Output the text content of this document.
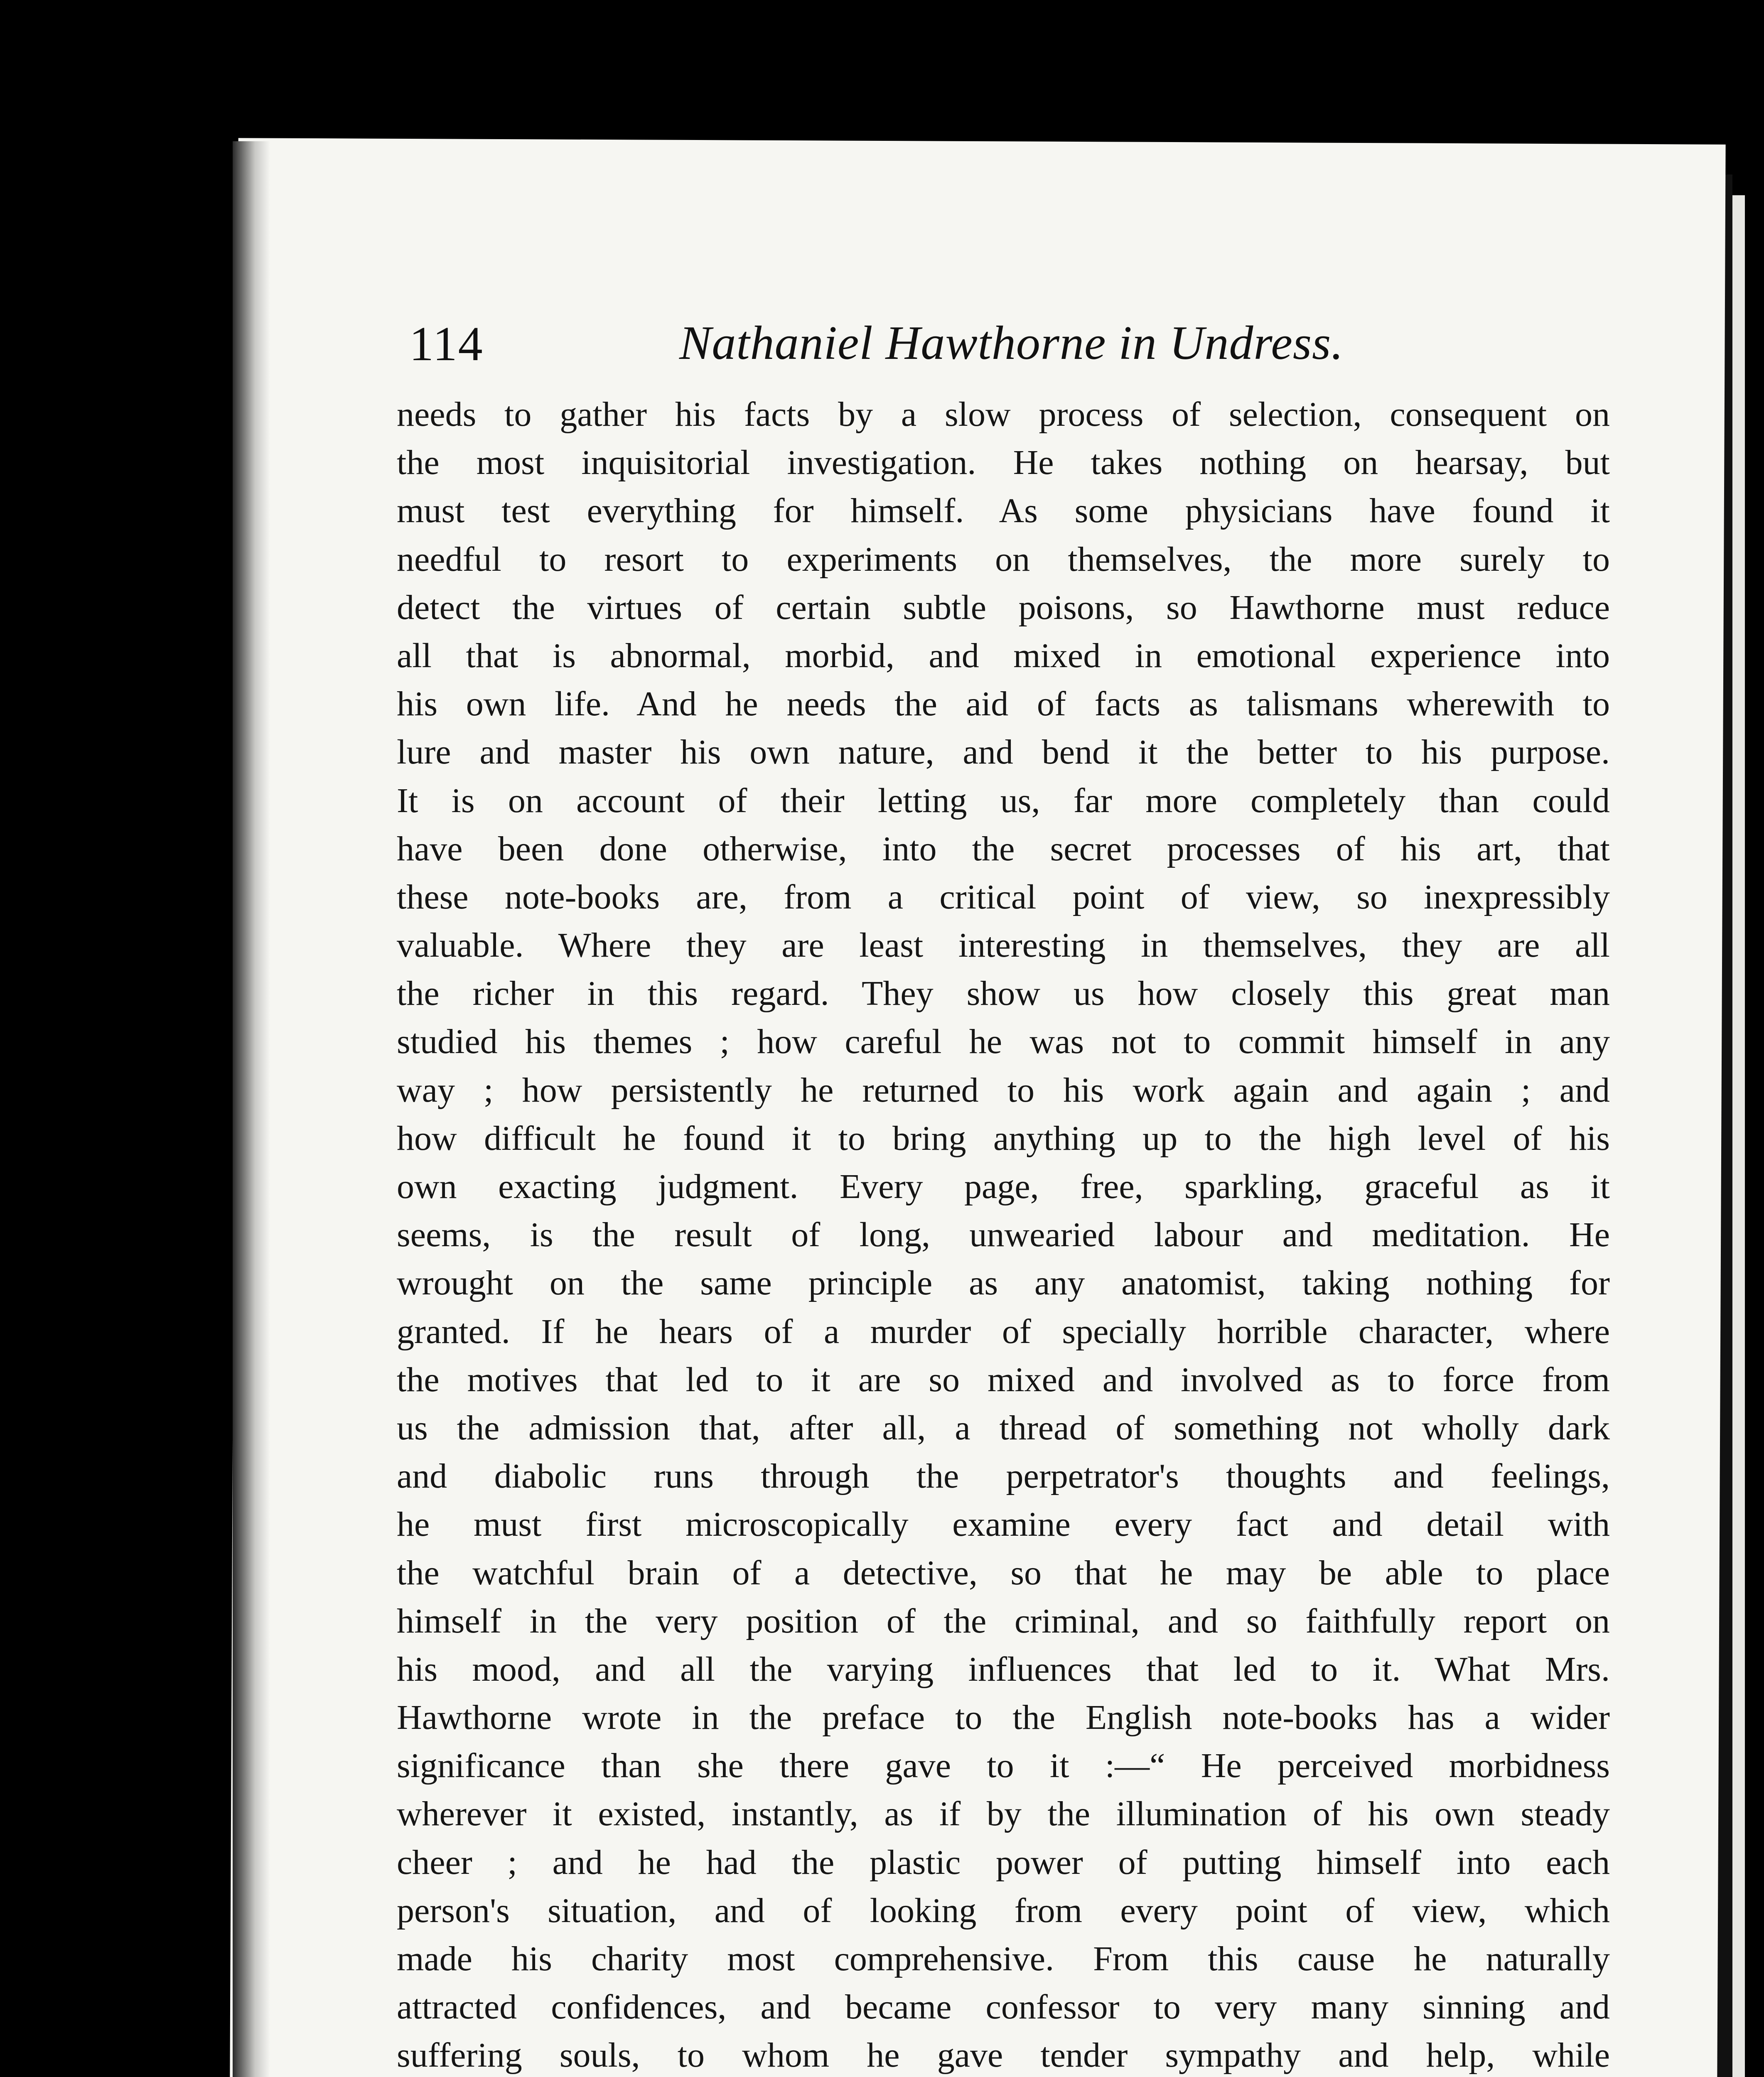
114	Nathaniel Hawthorne in Undress.
needs to gather his facts by a slow process of selection, consequent on
the most inquisitorial investigation. He takes nothing on hearsay, but
must test everything for himself. As some physicians have found it
needful to resort to experiments on themselves, the more surely to
detect the virtues of certain subtle poisons, so Hawthorne must reduce
all that is abnormal, morbid, and mixed in emotional experience into
his own life. And he needs the aid of facts as talismans wherewith to
lure and master his own nature, and bend it the better to his purpose.
It is on account of their letting us, far more completely than could
have been done otherwise, into the secret processes of his art, that
these note-books are, from a critical point of view, so inexpressibly
valuable. Where they are least interesting in themselves, they are all
the richer in this regard. They show us how closely this great man
studied his themes ; how careful he was not to commit himself in any
way ; how persistently he returned to his work again and again ; and
how difficult he found it to bring anything up to the high level of his
own exacting judgment. Every page, free, sparkling, graceful as it
seems, is the result of long, unwearied labour and meditation. He
wrought on the same principle as any anatomist, taking nothing for
granted. If he hears of a murder of specially horrible character, where
the motives that led to it are so mixed and involved as to force from
us the admission that, after all, a thread of something not wholly dark
and diabolic runs through the perpetrator's thoughts and feelings,
he must first microscopically examine every fact and detail with
the watchful brain of a detective, so that he may be able to place
himself in the very position of the criminal, and so faithfully report on
his mood, and all the varying influences that led to it. What Mrs.
Hawthorne wrote in the preface to the English note-books has a wider
significance than she there gave to it :—“ He perceived morbidness
wherever it existed, instantly, as if by the illumination of his own steady
cheer ; and he had the plastic power of putting himself into each
person's situation, and of looking from every point of view, which
made his charity most comprehensive. From this cause he naturally
attracted confidences, and became confessor to very many sinning and
suffering souls, to whom he gave tender sympathy and help, while
